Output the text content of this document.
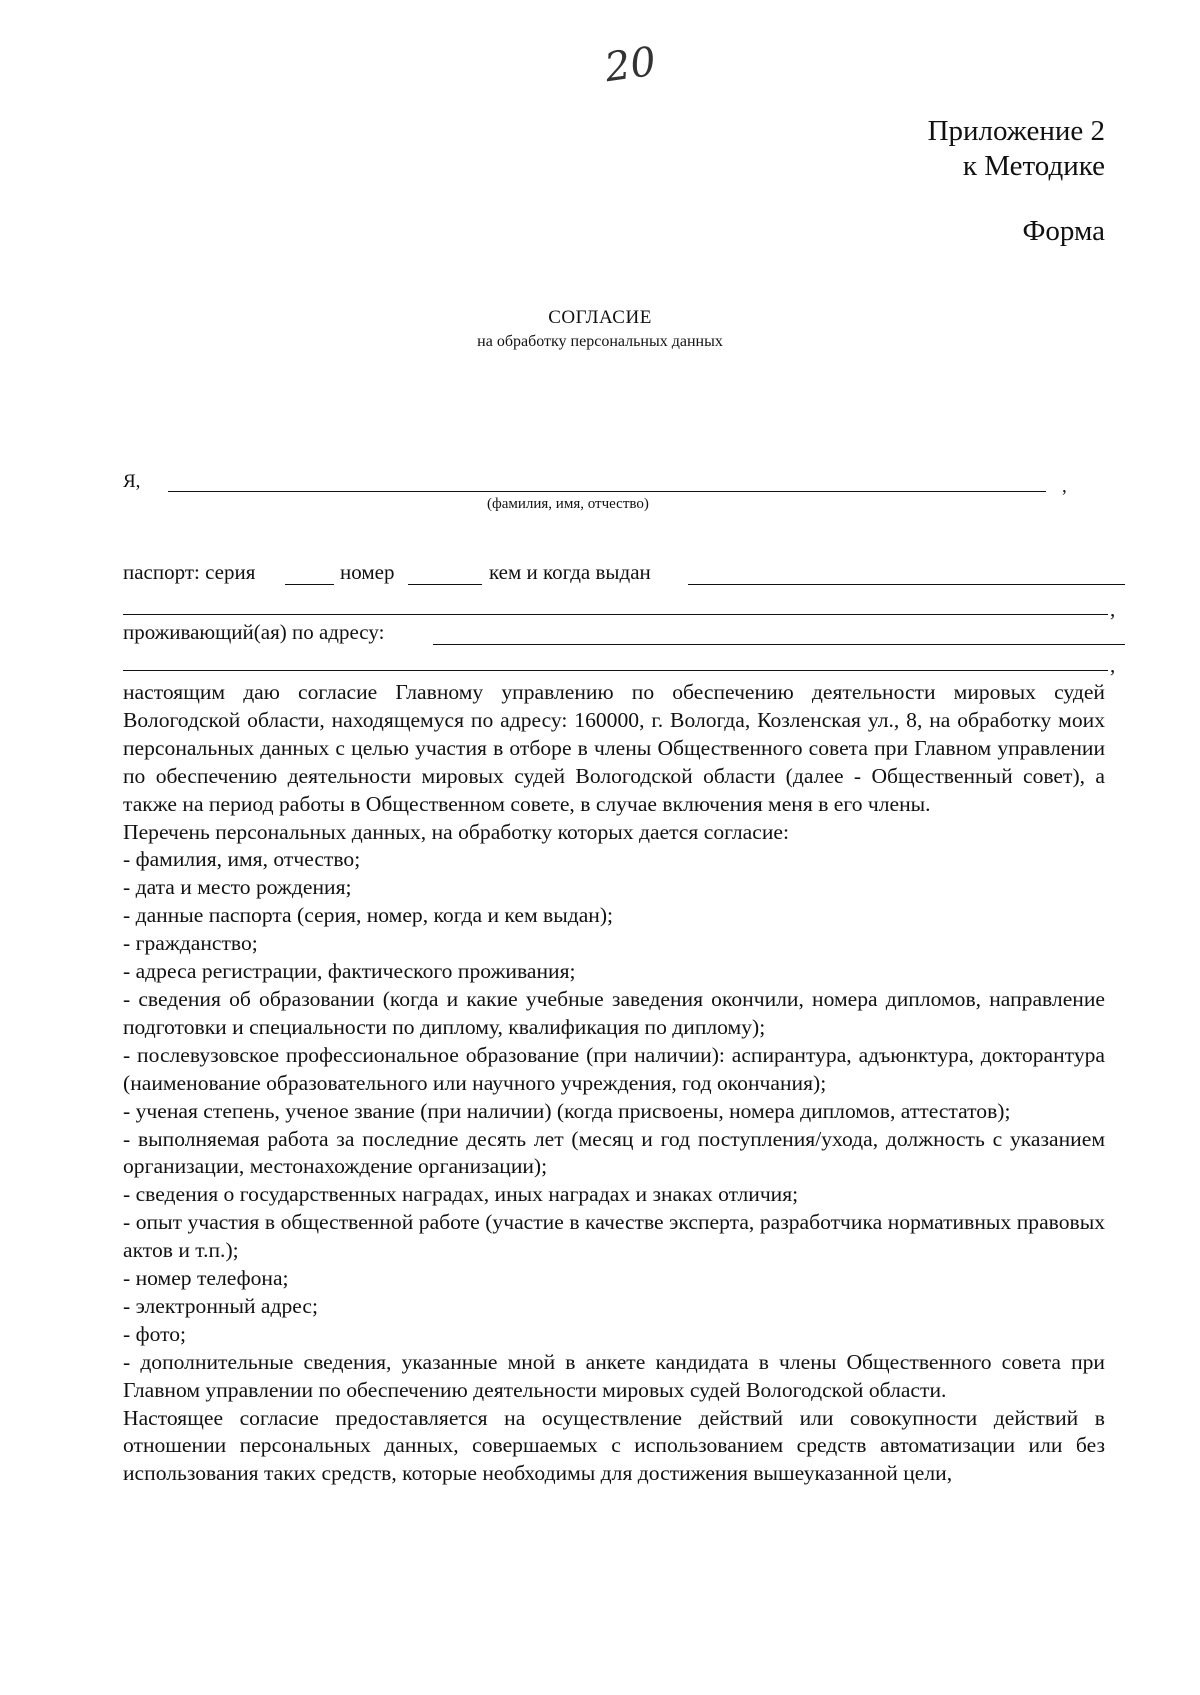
20
Приложение 2
к Методике
Форма
СОГЛАСИЕ
на обработку персональных данных
Я,	,
(фамилия, имя, отчество)
паспорт: серия	номер	кем и когда выдан
,
проживающий(ая) по адресу:
,

настоящим даю согласие Главному управлению по обеспечению деятельности мировых судей Вологодской области, находящемуся по адресу: 160000, г. Вологда, Козленская ул., 8, на обработку моих персональных данных с целью участия в отборе в члены Общественного совета при Главном управлении по обеспечению деятельности мировых судей Вологодской области (далее - Общественный совет), а также на период работы в Общественном совете, в случае включения меня в его члены.

Перечень персональных данных, на обработку которых дается согласие:

- фамилия, имя, отчество;

- дата и место рождения;

- данные паспорта (серия, номер, когда и кем выдан);

- гражданство;

- адреса регистрации, фактического проживания;

- сведения об образовании (когда и какие учебные заведения окончили, номера дипломов, направление подготовки и специальности по диплому, квалификация по диплому);

- послевузовское профессиональное образование (при наличии): аспирантура, адъюнктура, докторантура (наименование образовательного или научного учреждения, год окончания);

- ученая степень, ученое звание (при наличии) (когда присвоены, номера дипломов, аттестатов);

- выполняемая работа за последние десять лет (месяц и год поступления/ухода, должность с указанием организации, местонахождение организации);

- сведения о государственных наградах, иных наградах и знаках отличия;

- опыт участия в общественной работе (участие в качестве эксперта, разработчика нормативных правовых актов и т.п.);

- номер телефона;

- электронный адрес;

- фото;

- дополнительные сведения, указанные мной в анкете кандидата в члены Общественного совета при Главном управлении по обеспечению деятельности мировых судей Вологодской области.

Настоящее согласие предоставляется на осуществление действий или совокупности действий в отношении персональных данных, совершаемых с использованием средств автоматизации или без использования таких средств, которые необходимы для достижения вышеуказанной цели,
